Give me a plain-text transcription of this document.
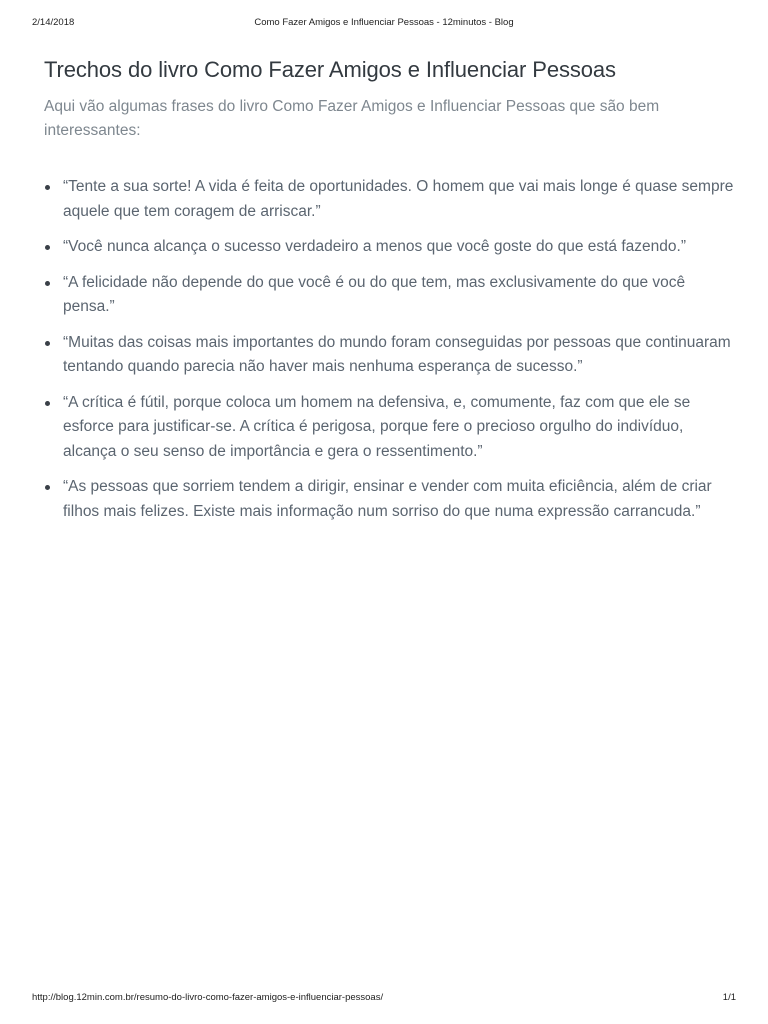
2/14/2018	Como Fazer Amigos e Influenciar Pessoas - 12minutos - Blog
Trechos do livro Como Fazer Amigos e Influenciar Pessoas

Aqui vão algumas frases do livro Como Fazer Amigos e Influenciar Pessoas que são bem interessantes:

“Tente a sua sorte! A vida é feita de oportunidades. O homem que vai mais longe é quase sempre aquele que tem coragem de arriscar.”
“Você nunca alcança o sucesso verdadeiro a menos que você goste do que está fazendo.”
“A felicidade não depende do que você é ou do que tem, mas exclusivamente do que você pensa.”
“Muitas das coisas mais importantes do mundo foram conseguidas por pessoas que continuaram tentando quando parecia não haver mais nenhuma esperança de sucesso.”
“A crítica é fútil, porque coloca um homem na defensiva, e, comumente, faz com que ele se esforce para justificar-se. A crítica é perigosa, porque fere o precioso orgulho do indivíduo, alcança o seu senso de importância e gera o ressentimento.”
“As pessoas que sorriem tendem a dirigir, ensinar e vender com muita eficiência, além de criar filhos mais felizes. Existe mais informação num sorriso do que numa expressão carrancuda.”
http://blog.12min.com.br/resumo-do-livro-como-fazer-amigos-e-influenciar-pessoas/	1/1
